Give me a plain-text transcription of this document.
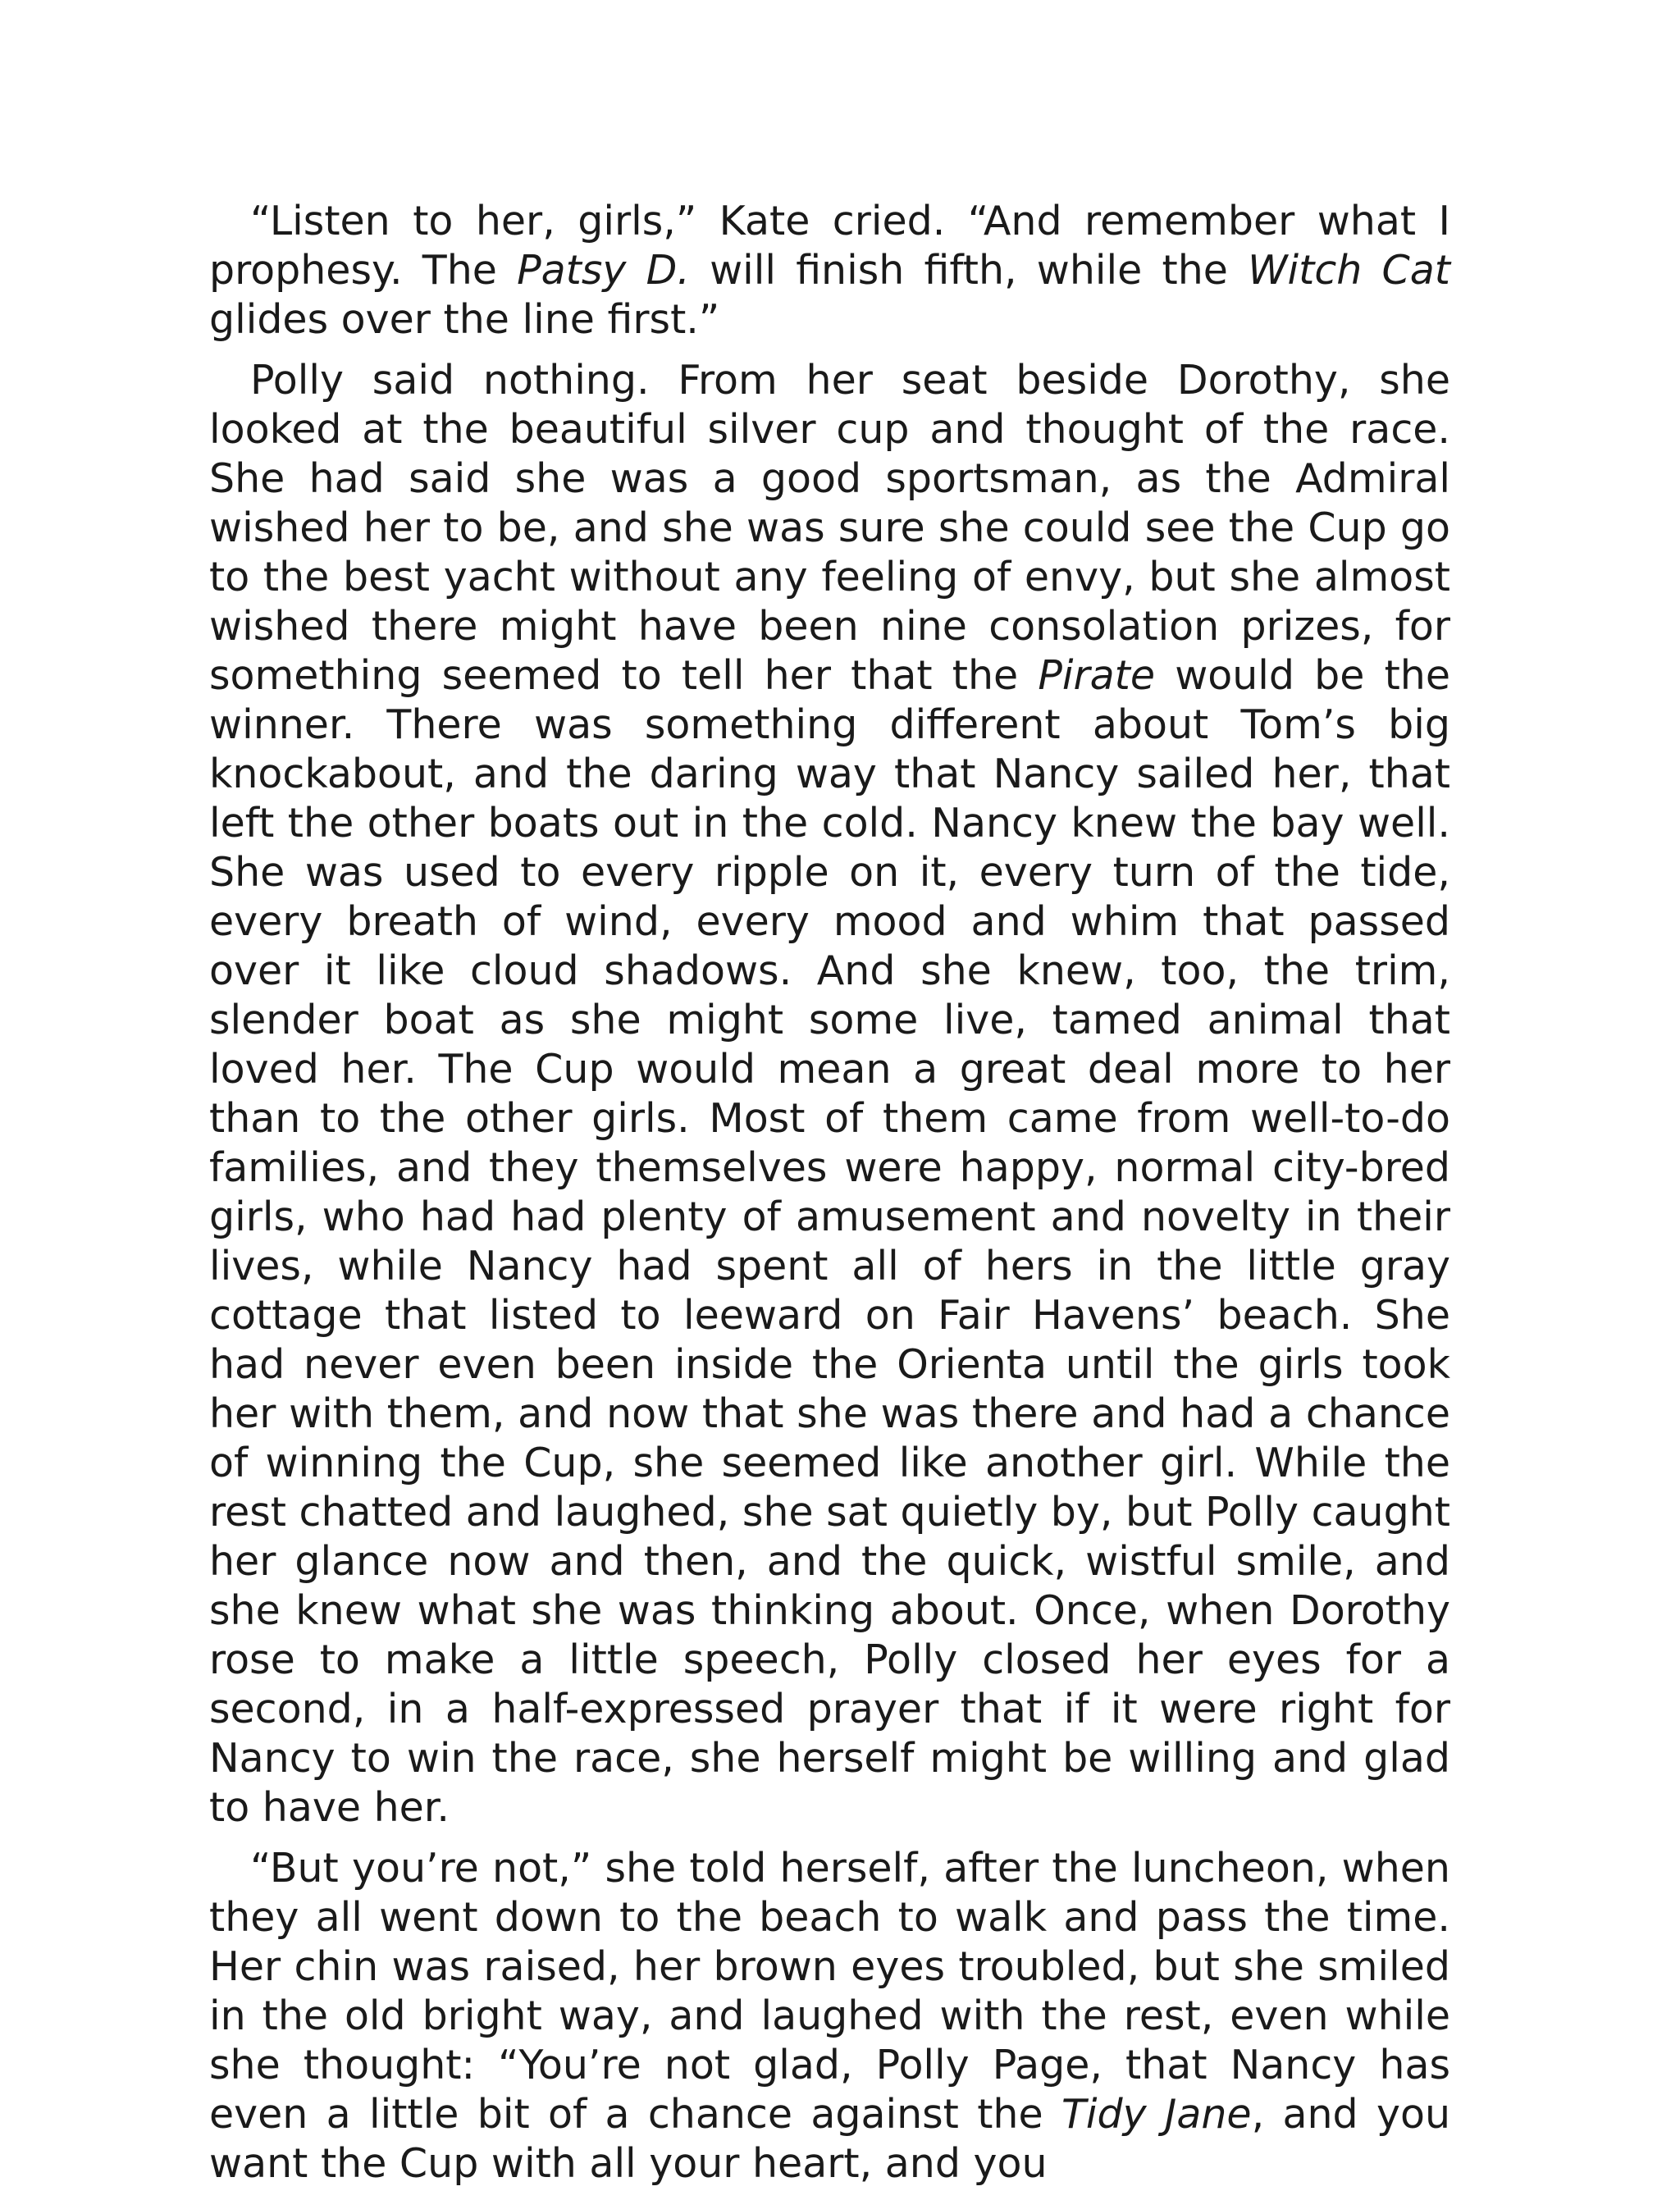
“Listen to her, girls,” Kate cried. “And remember what I prophesy. The Patsy D. will finish fifth, while the Witch Cat glides over the line first.”

Polly said nothing. From her seat beside Dorothy, she looked at the beautiful silver cup and thought of the race. She had said she was a good sportsman, as the Admiral wished her to be, and she was sure she could see the Cup go to the best yacht without any feeling of envy, but she almost wished there might have been nine consolation prizes, for something seemed to tell her that the Pirate would be the winner. There was something different about Tom’s big knockabout, and the daring way that Nancy sailed her, that left the other boats out in the cold. Nancy knew the bay well. She was used to every ripple on it, every turn of the tide, every breath of wind, every mood and whim that passed over it like cloud shadows. And she knew, too, the trim, slender boat as she might some live, tamed animal that loved her. The Cup would mean a great deal more to her than to the other girls. Most of them came from well-to-do families, and they themselves were happy, normal city-bred girls, who had had plenty of amusement and novelty in their lives, while Nancy had spent all of hers in the little gray cottage that listed to leeward on Fair Havens’ beach. She had never even been inside the Orienta until the girls took her with them, and now that she was there and had a chance of winning the Cup, she seemed like another girl. While the rest chatted and laughed, she sat quietly by, but Polly caught her glance now and then, and the quick, wistful smile, and she knew what she was thinking about. Once, when Dorothy rose to make a little speech, Polly closed her eyes for a second, in a half-expressed prayer that if it were right for Nancy to win the race, she herself might be willing and glad to have her.

“But you’re not,” she told herself, after the luncheon, when they all went down to the beach to walk and pass the time. Her chin was raised, her brown eyes troubled, but she smiled in the old bright way, and laughed with the rest, even while she thought: “You’re not glad, Polly Page, that Nancy has even a little bit of a chance against the Tidy Jane, and you want the Cup with all your heart, and you
